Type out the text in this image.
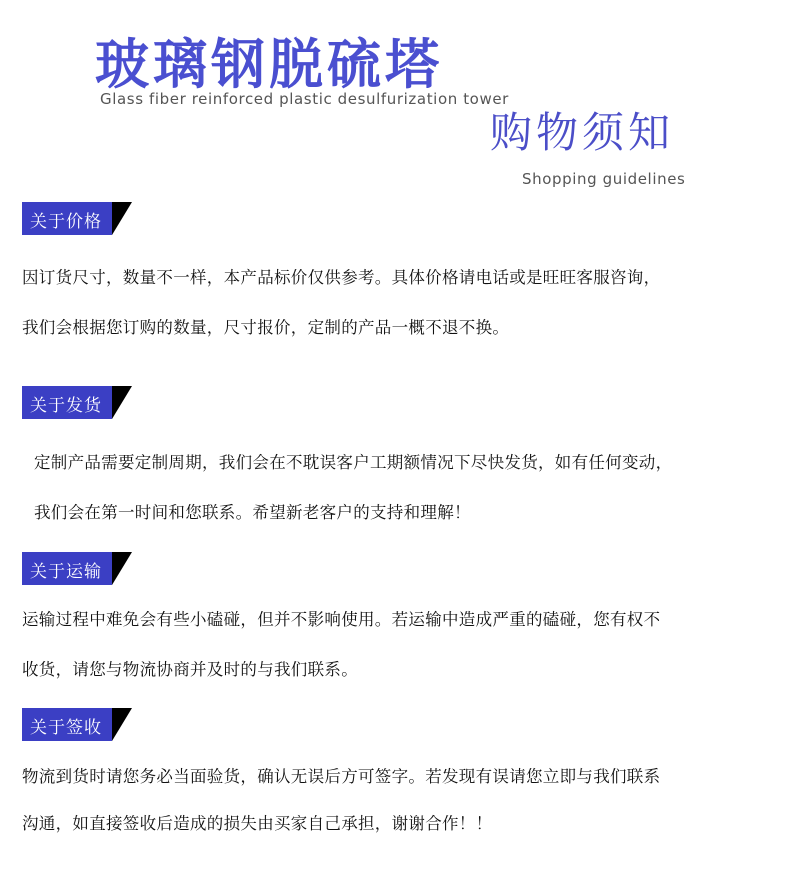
玻璃钢脱硫塔
Glass fiber reinforced plastic desulfurization tower
购物须知
Shopping guidelines
关于价格
因订货尺寸，数量不一样，本产品标价仅供参考。具体价格请电话或是旺旺客服咨询，
我们会根据您订购的数量，尺寸报价，定制的产品一概不退不换。
关于发货
定制产品需要定制周期，我们会在不耽误客户工期额情况下尽快发货，如有任何变动，
我们会在第一时间和您联系。希望新老客户的支持和理解！
关于运输
运输过程中难免会有些小磕碰，但并不影响使用。若运输中造成严重的磕碰，您有权不
收货，请您与物流协商并及时的与我们联系。
关于签收
物流到货时请您务必当面验货，确认无误后方可签字。若发现有误请您立即与我们联系
沟通，如直接签收后造成的损失由买家自己承担，谢谢合作！！
